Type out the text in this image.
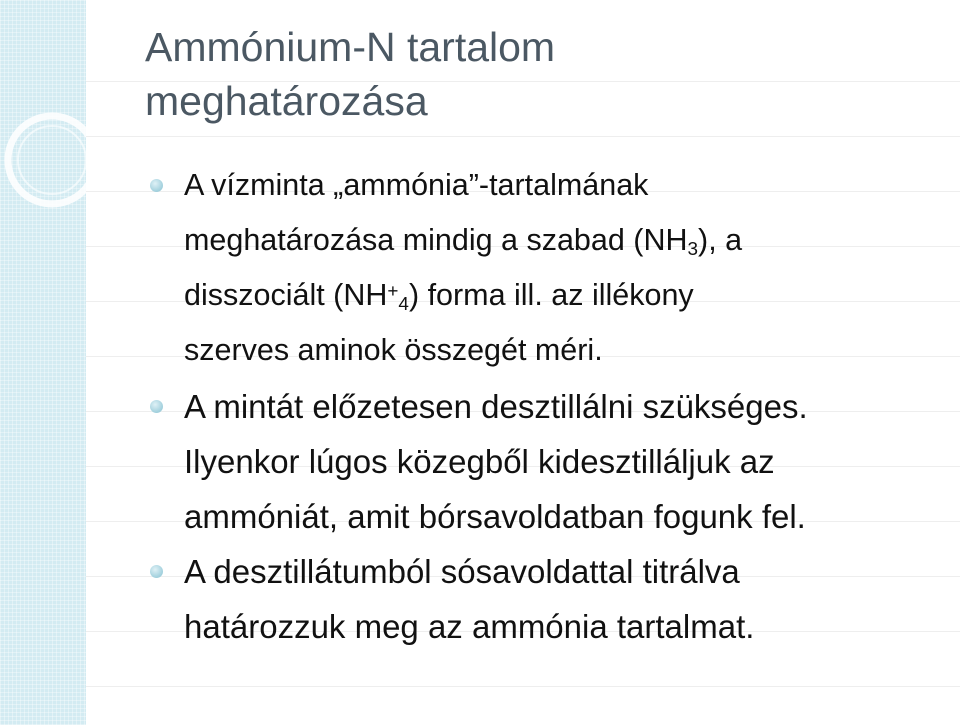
Ammónium-N tartalom
meghatározása
A vízminta „ammónia”-tartalmának
meghatározása mindig a szabad (NH3), a
disszociált (NH+4) forma ill. az illékony
szerves aminok összegét méri.
A mintát előzetesen desztillálni szükséges.
Ilyenkor lúgos közegből kidesztilláljuk az
ammóniát, amit bórsavoldatban fogunk fel.
A desztillátumból sósavoldattal titrálva
határozzuk meg az ammónia tartalmat.
